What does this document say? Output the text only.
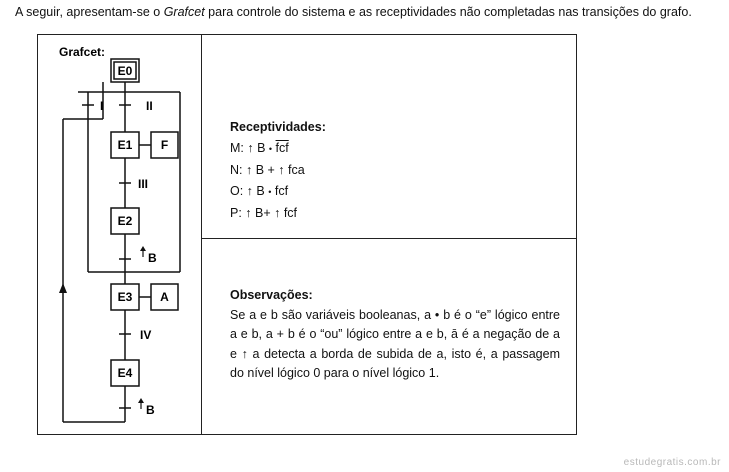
A seguir, apresentam-se o Grafcet para controle do sistema e as receptividades não completadas nas transições do grafo.
Grafcet:
E0
E1
E2
E3
E4
F
A
I	II
III
B
IV
B
Receptividades:
M: ↑ B • $\overline{fcf}$
N: ↑ B + ↑ fca
O: ↑ B • fcf
P: ↑ B+ ↑ fcf
Observações:
Se a e b são variáveis booleanas, a • b é o “e” lógico entre a e b, a + b é o “ou” lógico entre a e b, ā é a negação de a e ↑ a detecta a borda de subida de a, isto é, a passagem do nível lógico 0 para o nível lógico 1.
estudegratis.com.br
